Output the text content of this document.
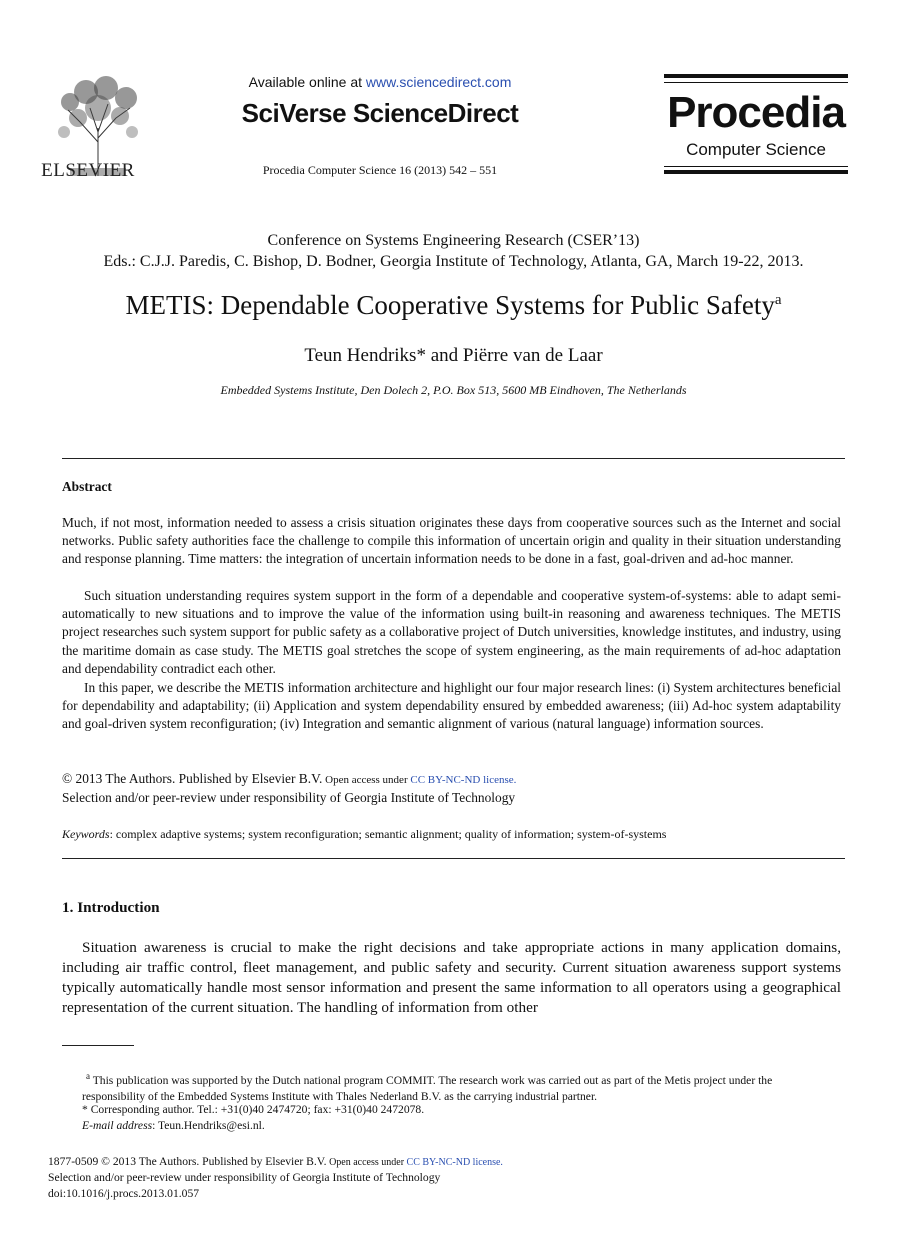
ELSEVIER
Available online at www.sciencedirect.com
SciVerse ScienceDirect
Procedia Computer Science 16 (2013) 542 – 551
Procedia
Computer Science
Conference on Systems Engineering Research (CSER’13)
Eds.: C.J.J. Paredis, C. Bishop, D. Bodner, Georgia Institute of Technology, Atlanta, GA, March 19-22, 2013.
METIS: Dependable Cooperative Systems for Public Safety$^a$
Teun Hendriks* and Piërre van de Laar
Embedded Systems Institute, Den Dolech 2, P.O. Box 513, 5600 MB Eindhoven, The Netherlands
Abstract

Much, if not most, information needed to assess a crisis situation originates these days from cooperative sources such as the Internet and social networks. Public safety authorities face the challenge to compile this information of uncertain origin and quality in their situation understanding and response planning. Time matters: the integration of uncertain information needs to be done in a fast, goal-driven and ad-hoc manner.

Such situation understanding requires system support in the form of a dependable and cooperative system-of-systems: able to adapt semi-automatically to new situations and to improve the value of the information using built-in reasoning and awareness techniques. The METIS project researches such system support for public safety as a collaborative project of Dutch universities, knowledge institutes, and industry, using the maritime domain as case study. The METIS goal stretches the scope of system engineering, as the main requirements of ad-hoc adaptation and dependability contradict each other.

In this paper, we describe the METIS information architecture and highlight our four major research lines: (i) System architectures beneficial for dependability and adaptability; (ii) Application and system dependability ensured by embedded awareness; (iii) Ad-hoc system adaptability and goal-driven system reconfiguration; (iv) Integration and semantic alignment of various (natural language) information sources.

© 2013 The Authors. Published by Elsevier B.V. Open access under CC BY-NC-ND license.
Selection and/or peer-review under responsibility of Georgia Institute of Technology
Keywords: complex adaptive systems; system reconfiguration; semantic alignment; quality of information; system-of-systems
1. Introduction

Situation awareness is crucial to make the right decisions and take appropriate actions in many application domains, including air traffic control, fleet management, and public safety and security. Current situation awareness support systems typically automatically handle most sensor information and present the same information to all operators using a geographical representation of the current situation. The handling of information from other

$^a$ This publication was supported by the Dutch national program COMMIT. The research work was carried out as part of the Metis project under the responsibility of the Embedded Systems Institute with Thales Nederland B.V. as the carrying industrial partner.

* Corresponding author. Tel.: +31(0)40 2474720; fax: +31(0)40 2472078.
E-mail address: Teun.Hendriks@esi.nl.
1877-0509 © 2013 The Authors. Published by Elsevier B.V. Open access under CC BY-NC-ND license.
Selection and/or peer-review under responsibility of Georgia Institute of Technology
doi:10.1016/j.procs.2013.01.057
